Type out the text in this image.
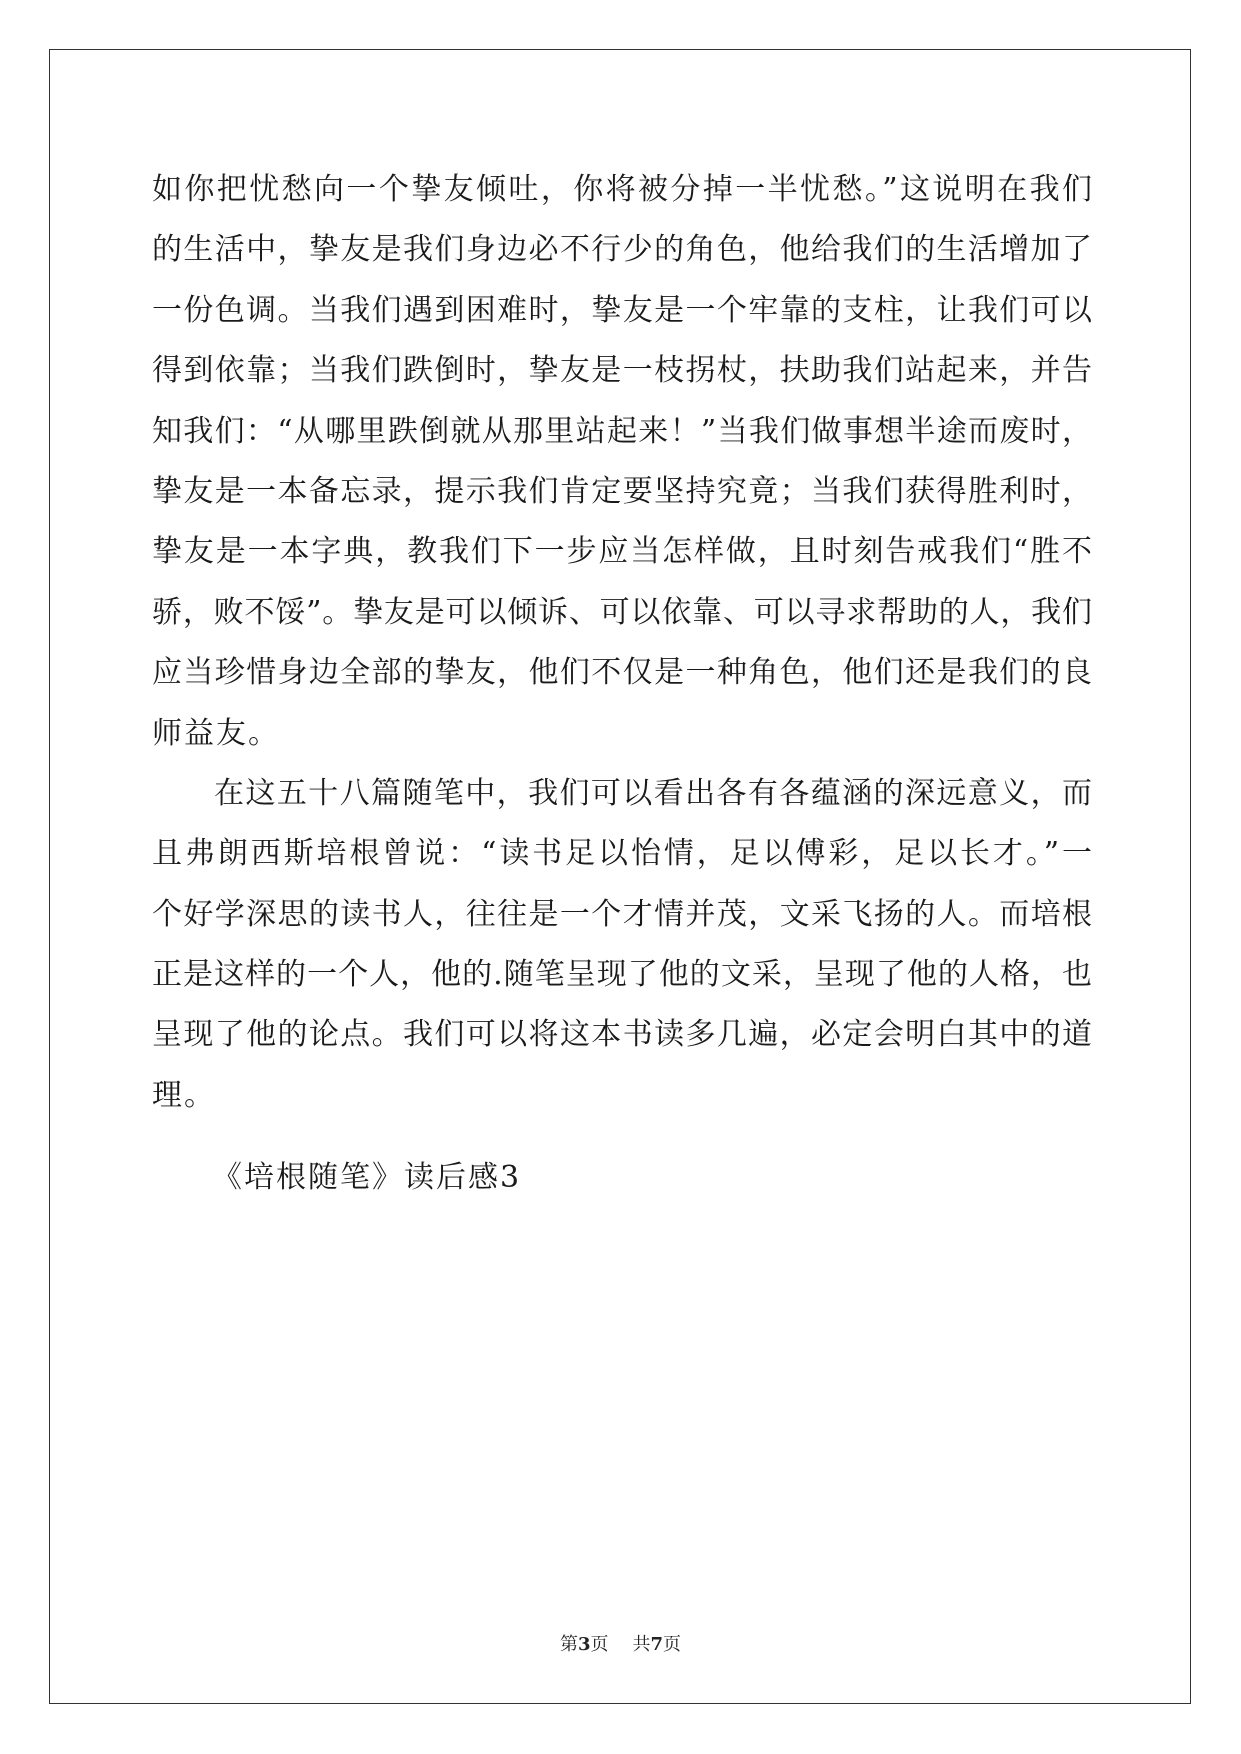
如你把忧愁向一个挚友倾吐，你将被分掉一半忧愁。”这说明在我们
的生活中，挚友是我们身边必不行少的角色，他给我们的生活增加了
一份色调。当我们遇到困难时，挚友是一个牢靠的支柱，让我们可以
得到依靠；当我们跌倒时，挚友是一枝拐杖，扶助我们站起来，并告
知我们：“从哪里跌倒就从那里站起来！”当我们做事想半途而废时，
挚友是一本备忘录，提示我们肯定要坚持究竟；当我们获得胜利时，
挚友是一本字典，教我们下一步应当怎样做，且时刻告戒我们“胜不
骄，败不馁”。挚友是可以倾诉、可以依靠、可以寻求帮助的人，我们
应当珍惜身边全部的挚友，他们不仅是一种角色，他们还是我们的良
师益友。
在这五十八篇随笔中，我们可以看出各有各蕴涵的深远意义，而
且弗朗西斯培根曾说：“读书足以怡情，足以傅彩，足以长才。”一
个好学深思的读书人，往往是一个才情并茂，文采飞扬的人。而培根
正是这样的一个人，他的.随笔呈现了他的文采，呈现了他的人格，也
呈现了他的论点。我们可以将这本书读多几遍，必定会明白其中的道
理。
《培根随笔》读后感3
第3页 共7页
